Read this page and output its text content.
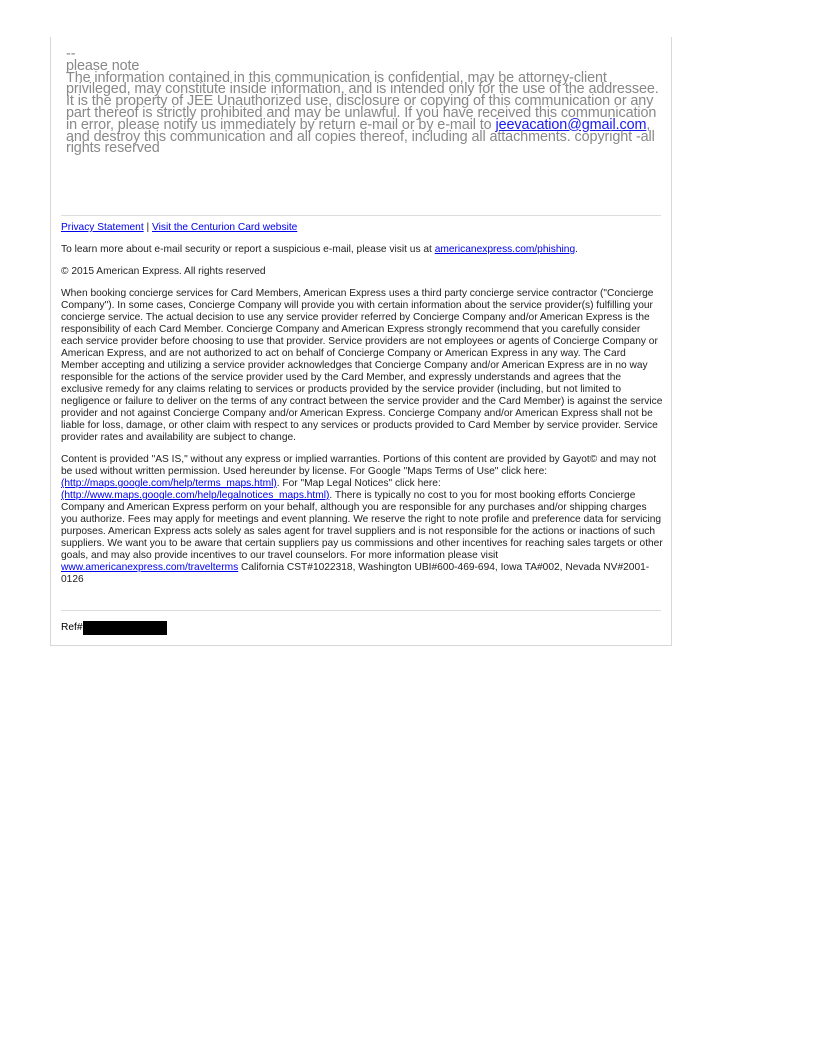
--

please note

The information contained in this communication is confidential, may be attorney-client privileged, may constitute inside information, and is intended only for the use of the addressee. It is the property of JEE Unauthorized use, disclosure or copying of this communication or any part thereof is strictly prohibited and may be unlawful. If you have received this communication in error, please notify us immediately by return e-mail or by e-mail to jeevacation@gmail.com, and destroy this communication and all copies thereof, including all attachments. copyright -all rights reserved

Privacy Statement | Visit the Centurion Card website

To learn more about e-mail security or report a suspicious e-mail, please visit us at americanexpress.com/phishing.

© 2015 American Express. All rights reserved

When booking concierge services for Card Members, American Express uses a third party concierge service contractor ("Concierge Company"). In some cases, Concierge Company will provide you with certain information about the service provider(s) fulfilling your concierge service. The actual decision to use any service provider referred by Concierge Company and/or American Express is the responsibility of each Card Member. Concierge Company and American Express strongly recommend that you carefully consider each service provider before choosing to use that provider. Service providers are not employees or agents of Concierge Company or American Express, and are not authorized to act on behalf of Concierge Company or American Express in any way. The Card Member accepting and utilizing a service provider acknowledges that Concierge Company and/or American Express are in no way responsible for the actions of the service provider used by the Card Member, and expressly understands and agrees that the exclusive remedy for any claims relating to services or products provided by the service provider (including, but not limited to negligence or failure to deliver on the terms of any contract between the service provider and the Card Member) is against the service provider and not against Concierge Company and/or American Express. Concierge Company and/or American Express shall not be liable for loss, damage, or other claim with respect to any services or products provided to Card Member by service provider. Service provider rates and availability are subject to change.

Content is provided "AS IS," without any express or implied warranties. Portions of this content are provided by Gayot© and may not be used without written permission. Used hereunder by license. For Google "Maps Terms of Use" click here: (http://maps.google.com/help/terms_maps.html). For "Map Legal Notices" click here: (http://www.maps.google.com/help/legalnotices_maps.html). There is typically no cost to you for most booking efforts Concierge Company and American Express perform on your behalf, although you are responsible for any purchases and/or shipping charges you authorize. Fees may apply for meetings and event planning. We reserve the right to note profile and preference data for servicing purposes. American Express acts solely as sales agent for travel suppliers and is not responsible for the actions or inactions of such suppliers. We want you to be aware that certain suppliers pay us commissions and other incentives for reaching sales targets or other goals, and may also provide incentives to our travel counselors. For more information please visit www.americanexpress.com/travelterms California CST#1022318, Washington UBI#600-469-694, Iowa TA#002, Nevada NV#2001-0126

Ref#
